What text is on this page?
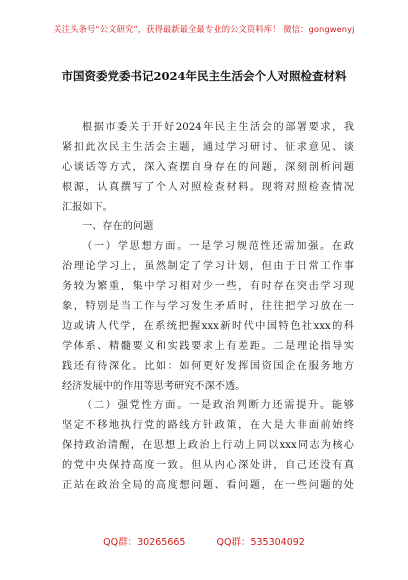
关注头条号“公文研究”，获得最新最全最专业的公文资料库！ 微信：gongwenyj
市国资委党委书记2024年民主生活会个人对照检查材料
根据市委关于开好2024年民主生活会的部署要求，我
紧扣此次民主生活会主题，通过学习研讨、征求意见、谈
心谈话等方式，深入查摆自身存在的问题，深刻剖析问题
根源，认真撰写了个人对照检查材料。现将对照检查情况
汇报如下。
一、存在的问题
（一）学思想方面。一是学习规范性还需加强。在政
治理论学习上，虽然制定了学习计划，但由于日常工作事
务较为繁重，集中学习相对少一些，有时存在突击学习现
象，特别是当工作与学习发生矛盾时，往往把学习放在一
边或请人代学，在系统把握xxx新时代中国特色社xxx的科
学体系、精髓要义和实践要求上有差距。二是理论指导实
践还有待深化。比如：如何更好发挥国资国企在服务地方
经济发展中的作用等思考研究不深不透。
（二）强党性方面。一是政治判断力还需提升。能够
坚定不移地执行党的路线方针政策，在大是大非面前始终
保持政治清醒，在思想上政治上行动上同以xxx同志为核心
的党中央保持高度一致。但从内心深处讲，自己还没有真
正站在政治全局的高度想问题、看问题，在一些问题的处
QQ群：30265665	QQ群：535304092
